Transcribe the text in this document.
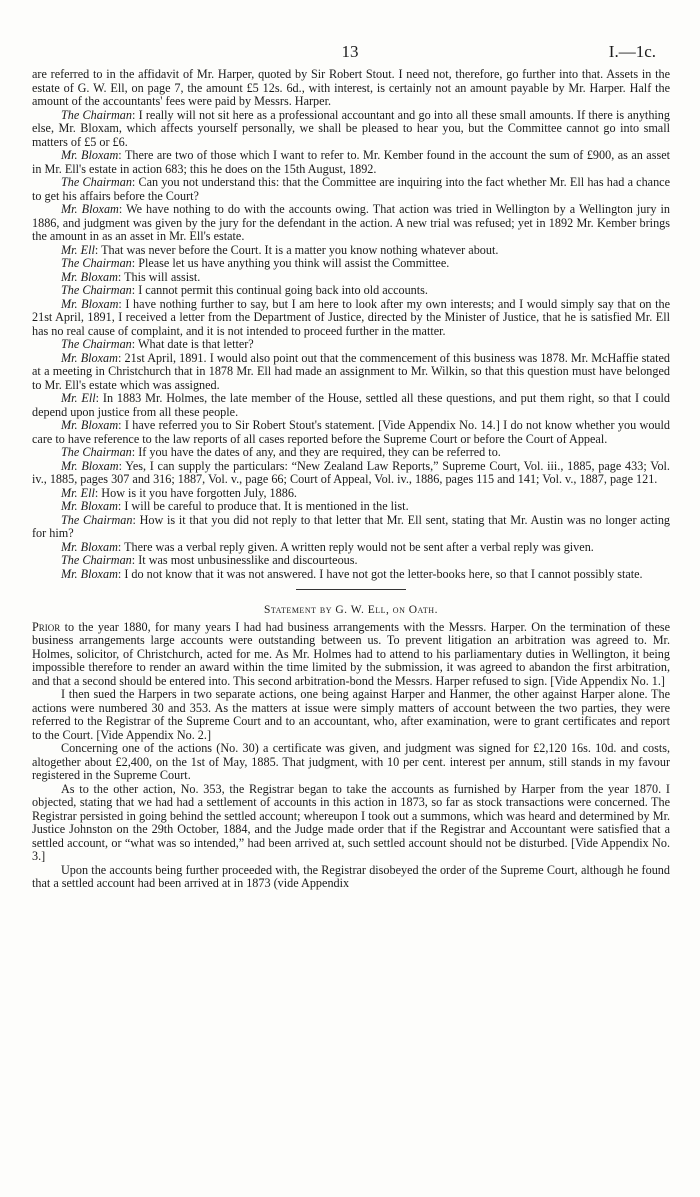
13	I.—1c.

are referred to in the affidavit of Mr. Harper, quoted by Sir Robert Stout. I need not, therefore, go further into that. Assets in the estate of G. W. Ell, on page 7, the amount £5 12s. 6d., with interest, is certainly not an amount payable by Mr. Harper. Half the amount of the accountants' fees were paid by Messrs. Harper.

The Chairman: I really will not sit here as a professional accountant and go into all these small amounts. If there is anything else, Mr. Bloxam, which affects yourself personally, we shall be pleased to hear you, but the Committee cannot go into small matters of £5 or £6.

Mr. Bloxam: There are two of those which I want to refer to. Mr. Kember found in the account the sum of £900, as an asset in Mr. Ell's estate in action 683; this he does on the 15th August, 1892.

The Chairman: Can you not understand this: that the Committee are inquiring into the fact whether Mr. Ell has had a chance to get his affairs before the Court?

Mr. Bloxam: We have nothing to do with the accounts owing. That action was tried in Wellington by a Wellington jury in 1886, and judgment was given by the jury for the defendant in the action. A new trial was refused; yet in 1892 Mr. Kember brings the amount in as an asset in Mr. Ell's estate.

Mr. Ell: That was never before the Court. It is a matter you know nothing whatever about.

The Chairman: Please let us have anything you think will assist the Committee.

Mr. Bloxam: This will assist.

The Chairman: I cannot permit this continual going back into old accounts.

Mr. Bloxam: I have nothing further to say, but I am here to look after my own interests; and I would simply say that on the 21st April, 1891, I received a letter from the Department of Justice, directed by the Minister of Justice, that he is satisfied Mr. Ell has no real cause of complaint, and it is not intended to proceed further in the matter.

The Chairman: What date is that letter?

Mr. Bloxam: 21st April, 1891. I would also point out that the commencement of this business was 1878. Mr. McHaffie stated at a meeting in Christchurch that in 1878 Mr. Ell had made an assignment to Mr. Wilkin, so that this question must have belonged to Mr. Ell's estate which was assigned.

Mr. Ell: In 1883 Mr. Holmes, the late member of the House, settled all these questions, and put them right, so that I could depend upon justice from all these people.

Mr. Bloxam: I have referred you to Sir Robert Stout's statement. [Vide Appendix No. 14.] I do not know whether you would care to have reference to the law reports of all cases reported before the Supreme Court or before the Court of Appeal.

The Chairman: If you have the dates of any, and they are required, they can be referred to.

Mr. Bloxam: Yes, I can supply the particulars: “New Zealand Law Reports,” Supreme Court, Vol. iii., 1885, page 433; Vol. iv., 1885, pages 307 and 316; 1887, Vol. v., page 66; Court of Appeal, Vol. iv., 1886, pages 115 and 141; Vol. v., 1887, page 121.

Mr. Ell: How is it you have forgotten July, 1886.

Mr. Bloxam: I will be careful to produce that. It is mentioned in the list.

The Chairman: How is it that you did not reply to that letter that Mr. Ell sent, stating that Mr. Austin was no longer acting for him?

Mr. Bloxam: There was a verbal reply given. A written reply would not be sent after a verbal reply was given.

The Chairman: It was most unbusinesslike and discourteous.

Mr. Bloxam: I do not know that it was not answered. I have not got the letter-books here, so that I cannot possibly state.

Statement by G. W. Ell, on Oath.

Prior to the year 1880, for many years I had had business arrangements with the Messrs. Harper. On the termination of these business arrangements large accounts were outstanding between us. To prevent litigation an arbitration was agreed to. Mr. Holmes, solicitor, of Christchurch, acted for me. As Mr. Holmes had to attend to his parliamentary duties in Wellington, it being impossible therefore to render an award within the time limited by the submission, it was agreed to abandon the first arbitration, and that a second should be entered into. This second arbitration-bond the Messrs. Harper refused to sign. [Vide Appendix No. 1.]

I then sued the Harpers in two separate actions, one being against Harper and Hanmer, the other against Harper alone. The actions were numbered 30 and 353. As the matters at issue were simply matters of account between the two parties, they were referred to the Registrar of the Supreme Court and to an accountant, who, after examination, were to grant certificates and report to the Court. [Vide Appendix No. 2.]

Concerning one of the actions (No. 30) a certificate was given, and judgment was signed for £2,120 16s. 10d. and costs, altogether about £2,400, on the 1st of May, 1885. That judgment, with 10 per cent. interest per annum, still stands in my favour registered in the Supreme Court.

As to the other action, No. 353, the Registrar began to take the accounts as furnished by Harper from the year 1870. I objected, stating that we had had a settlement of accounts in this action in 1873, so far as stock transactions were concerned. The Registrar persisted in going behind the settled account; whereupon I took out a summons, which was heard and determined by Mr. Justice Johnston on the 29th October, 1884, and the Judge made order that if the Registrar and Accountant were satisfied that a settled account, or “what was so intended,” had been arrived at, such settled account should not be disturbed. [Vide Appendix No. 3.]

Upon the accounts being further proceeded with, the Registrar disobeyed the order of the Supreme Court, although he found that a settled account had been arrived at in 1873 (vide Appendix
